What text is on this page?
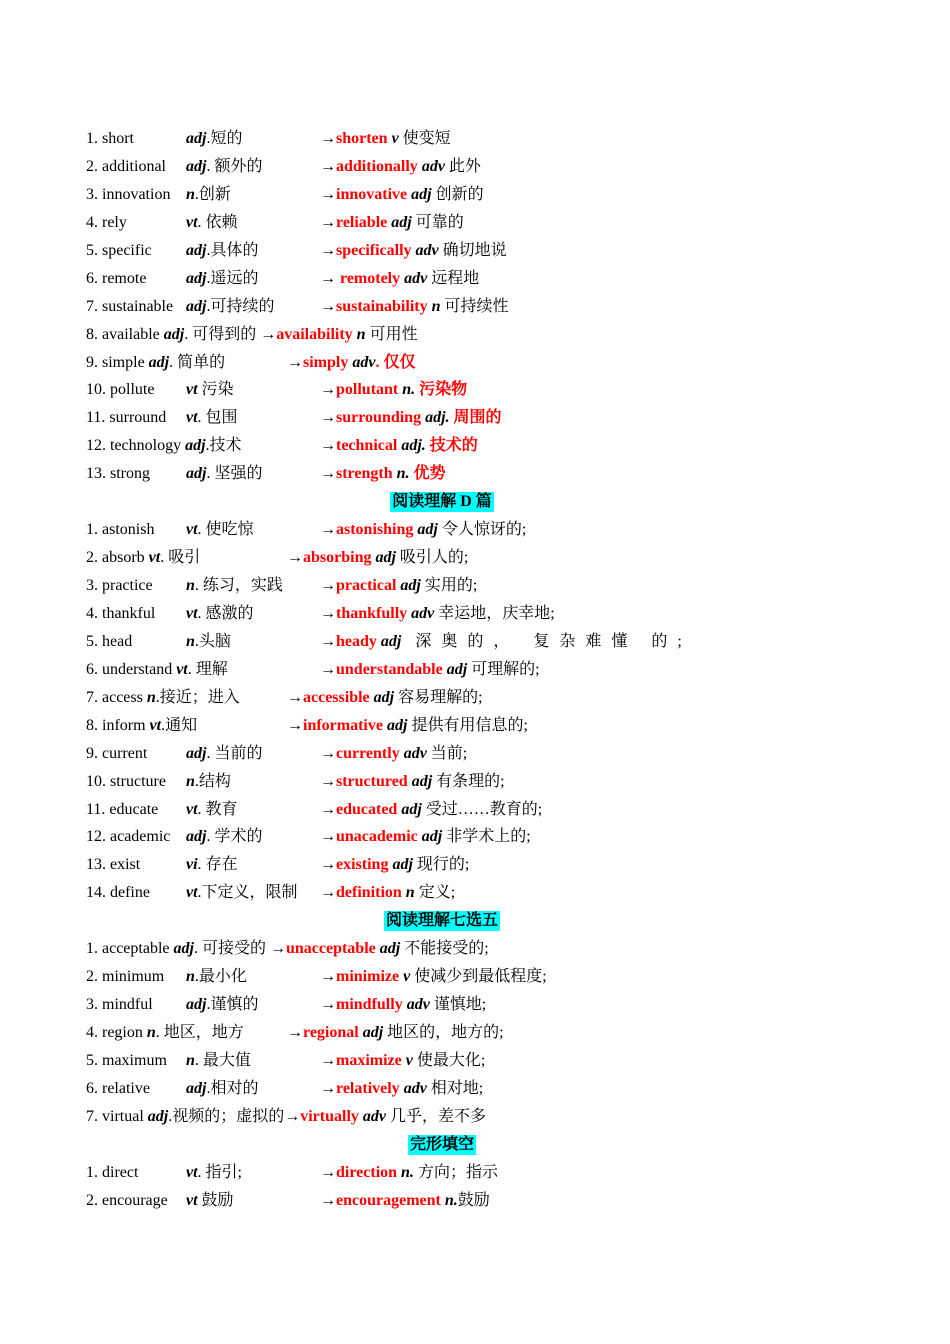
1. short	adj.短的	→shorten v 使变短
2. additional adj. 额外的	→additionally adv 此外
3. innovation n.创新	→innovative adj 创新的
4. rely	vt. 依赖	→reliable adj 可靠的
5. specific adj.具体的	→specifically adv 确切地说
6. remote adj.遥远的	→ remotely adv 远程地
7. sustainable adj.可持续的	→sustainability n 可持续性
8. available adj. 可得到的 →availability n 可用性
9. simple adj. 简单的	→simply adv. 仅仅
10. pollute vt 污染	→pollutant n. 污染物
11. surround vt. 包围	→surrounding adj. 周围的
12. technology adj.技术	→technical adj. 技术的
13. strong adj. 坚强的	→strength n. 优势
阅读理解 D 篇
1. astonish vt. 使吃惊	→astonishing adj 令人惊讶的;
2. absorb vt. 吸引	→absorbing adj 吸引人的;
3. practice n. 练习，实践 →practical adj 实用的;
4. thankful vt. 感激的	→thankfully adv 幸运地，庆幸地;
5. head	n.头脑	→heady adj 深奥的， 复杂难懂 的;
6. understand vt. 理解	→understandable adj 可理解的;
7. access n.接近；进入	→accessible adj 容易理解的;
8. inform vt.通知	→informative adj 提供有用信息的;
9. current adj. 当前的	→currently adv 当前;
10. structure n.结构	→structured adj 有条理的;
11. educate vt. 教育	→educated adj 受过……教育的;
12. academic adj. 学术的	→unacademic adj 非学术上的;
13. exist	vi. 存在	→existing adj 现行的;
14. define vt.下定义，限制 →definition n 定义;
阅读理解七选五
1. acceptable adj. 可接受的 →unacceptable adj 不能接受的;
2. minimum n.最小化	→minimize v 使减少到最低程度;
3. mindful adj.谨慎的	→mindfully adv 谨慎地;
4. region n. 地区，地方	→regional adj 地区的，地方的;
5. maximum n. 最大值	→maximize v 使最大化;
6. relative adj.相对的	→relatively adv 相对地;
7. virtual adj.视频的；虚拟的→virtually adv 几乎，差不多
完形填空
1. direct	vt. 指引;	→direction n. 方向；指示
2. encourage vt 鼓励	→encouragement n.鼓励
